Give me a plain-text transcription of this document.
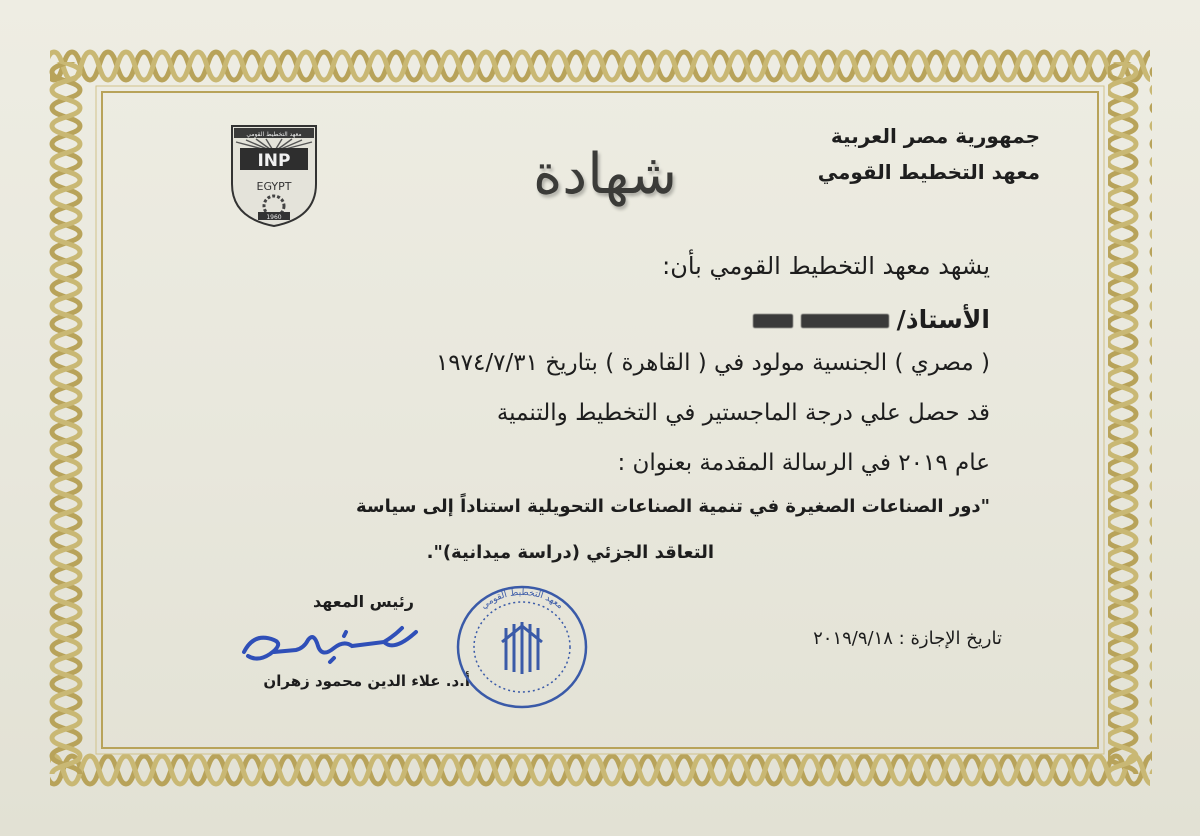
جمهورية مصر العربية
معهد التخطيط القومي
معهد التخطيط القومي
INP
EGYPT
1960
شهادة
يشهد معهد التخطيط القومي بأن:
الأستاذ/
( مصري ) الجنسية مولود في ( القاهرة ) بتاريخ ١٩٧٤/٧/٣١
قد حصل علي درجة الماجستير في التخطيط والتنمية
عام ٢٠١٩ في الرسالة المقدمة بعنوان :
"دور الصناعات الصغيرة في تنمية الصناعات التحويلية استناداً إلى سياسة
التعاقد الجزئي (دراسة ميدانية)".
رئيس المعهد
أ.د. علاء الدين محمود زهران
معهد التخطيط القومي
تاريخ الإجازة : ٢٠١٩/٩/١٨
